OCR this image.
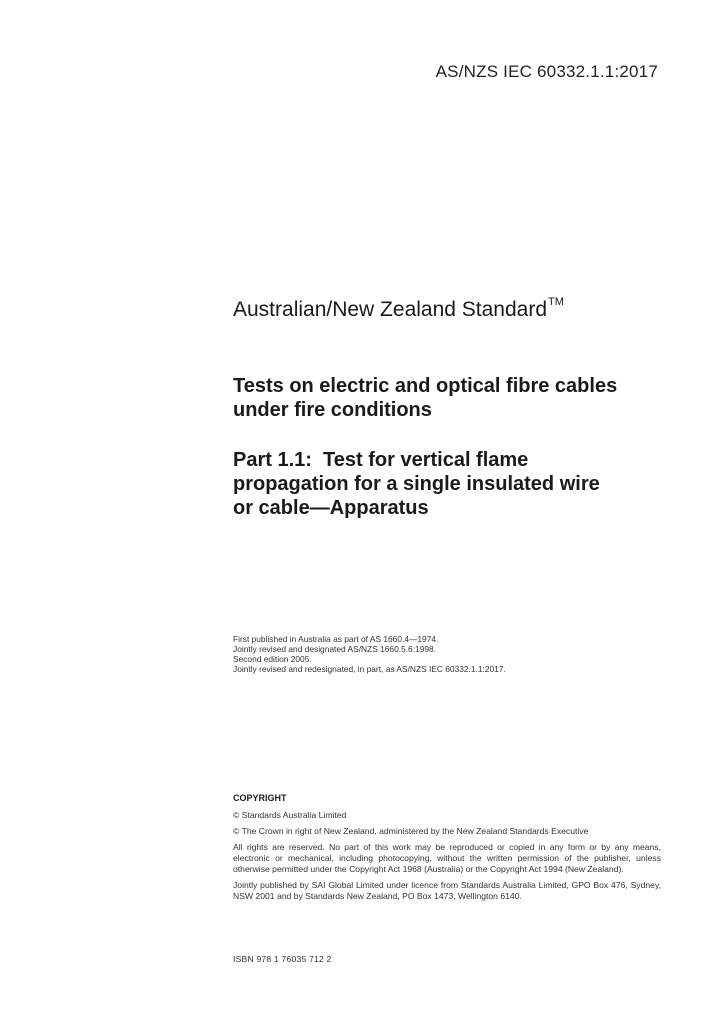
AS/NZS IEC 60332.1.1:2017
Australian/New Zealand Standard™
Tests on electric and optical fibre cables
under fire conditions
Part 1.1:  Test for vertical flame
propagation for a single insulated wire
or cable—Apparatus
First published in Australia as part of AS 1660.4—1974.
Jointly revised and designated AS/NZS 1660.5.6:1998.
Second edition 2005.
Jointly revised and redesignated, in part, as AS/NZS IEC 60332.1.1:2017.
COPYRIGHT

© Standards Australia Limited

© The Crown in right of New Zealand, administered by the New Zealand Standards Executive

All rights are reserved. No part of this work may be reproduced or copied in any form or by any means, electronic or mechanical, including photocopying, without the written permission of the publisher, unless otherwise permitted under the Copyright Act 1968 (Australia) or the Copyright Act 1994 (New Zealand).

Jointly published by SAI Global Limited under licence from Standards Australia Limited, GPO Box 476, Sydney, NSW 2001 and by Standards New Zealand, PO Box 1473, Wellington 6140.

ISBN 978 1 76035 712 2
